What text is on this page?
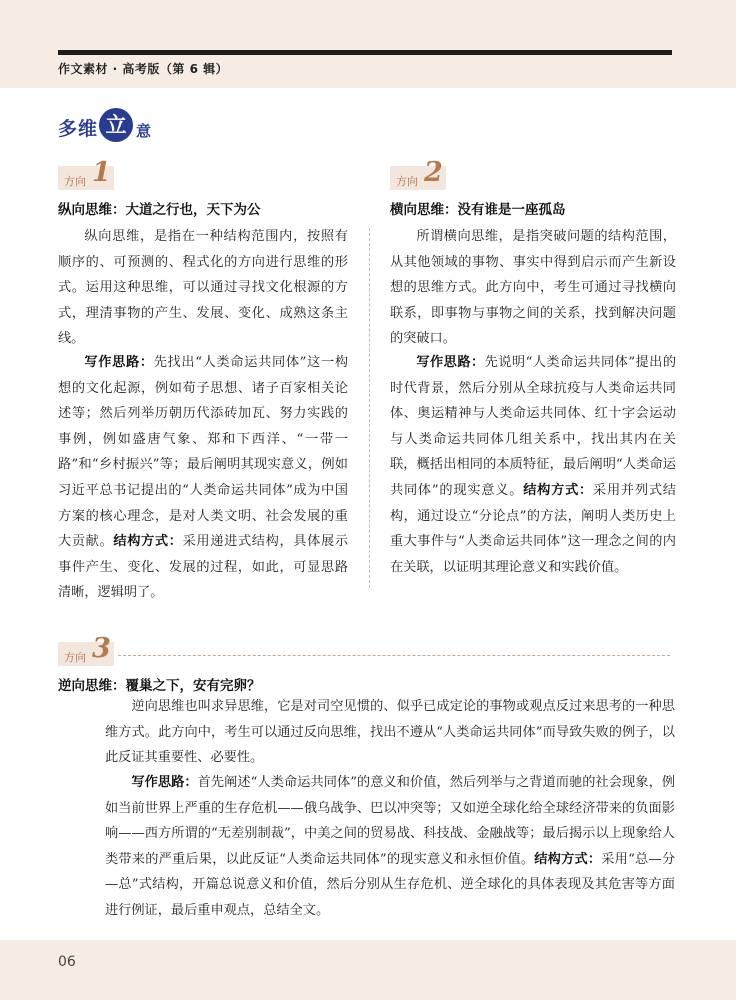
作文素材 · 高考版（第 6 辑）
多维 立 意
方向 1
纵向思维：大道之行也，天下为公

纵向思维，是指在一种结构范围内，按照有顺序的、可预测的、程式化的方向进行思维的形式。运用这种思维，可以通过寻找文化根源的方式，理清事物的产生、发展、变化、成熟这条主线。

写作思路：先找出“人类命运共同体”这一构想的文化起源，例如荀子思想、诸子百家相关论述等；然后列举历朝历代添砖加瓦、努力实践的事例，例如盛唐气象、郑和下西洋、“一带一路”和“乡村振兴”等；最后阐明其现实意义，例如习近平总书记提出的“人类命运共同体”成为中国方案的核心理念，是对人类文明、社会发展的重大贡献。结构方式：采用递进式结构，具体展示事件产生、变化、发展的过程，如此，可显思路清晰，逻辑明了。

方向 2
横向思维：没有谁是一座孤岛

所谓横向思维，是指突破问题的结构范围，从其他领域的事物、事实中得到启示而产生新设想的思维方式。此方向中，考生可通过寻找横向联系，即事物与事物之间的关系，找到解决问题的突破口。

写作思路：先说明“人类命运共同体”提出的时代背景，然后分别从全球抗疫与人类命运共同体、奥运精神与人类命运共同体、红十字会运动与人类命运共同体几组关系中，找出其内在关联，概括出相同的本质特征，最后阐明“人类命运共同体”的现实意义。结构方式：采用并列式结构，通过设立“分论点”的方法，阐明人类历史上重大事件与“人类命运共同体”这一理念之间的内在关联，以证明其理论意义和实践价值。

方向 3
逆向思维：覆巢之下，安有完卵？

逆向思维也叫求异思维，它是对司空见惯的、似乎已成定论的事物或观点反过来思考的一种思维方式。此方向中，考生可以通过反向思维，找出不遵从“人类命运共同体”而导致失败的例子，以此反证其重要性、必要性。

写作思路：首先阐述“人类命运共同体”的意义和价值，然后列举与之背道而驰的社会现象，例如当前世界上严重的生存危机——俄乌战争、巴以冲突等；又如逆全球化给全球经济带来的负面影响——西方所谓的“无差别制裁”，中美之间的贸易战、科技战、金融战等；最后揭示以上现象给人类带来的严重后果，以此反证“人类命运共同体”的现实意义和永恒价值。结构方式：采用“总—分—总”式结构，开篇总说意义和价值，然后分别从生存危机、逆全球化的具体表现及其危害等方面进行例证，最后重申观点，总结全文。

06
